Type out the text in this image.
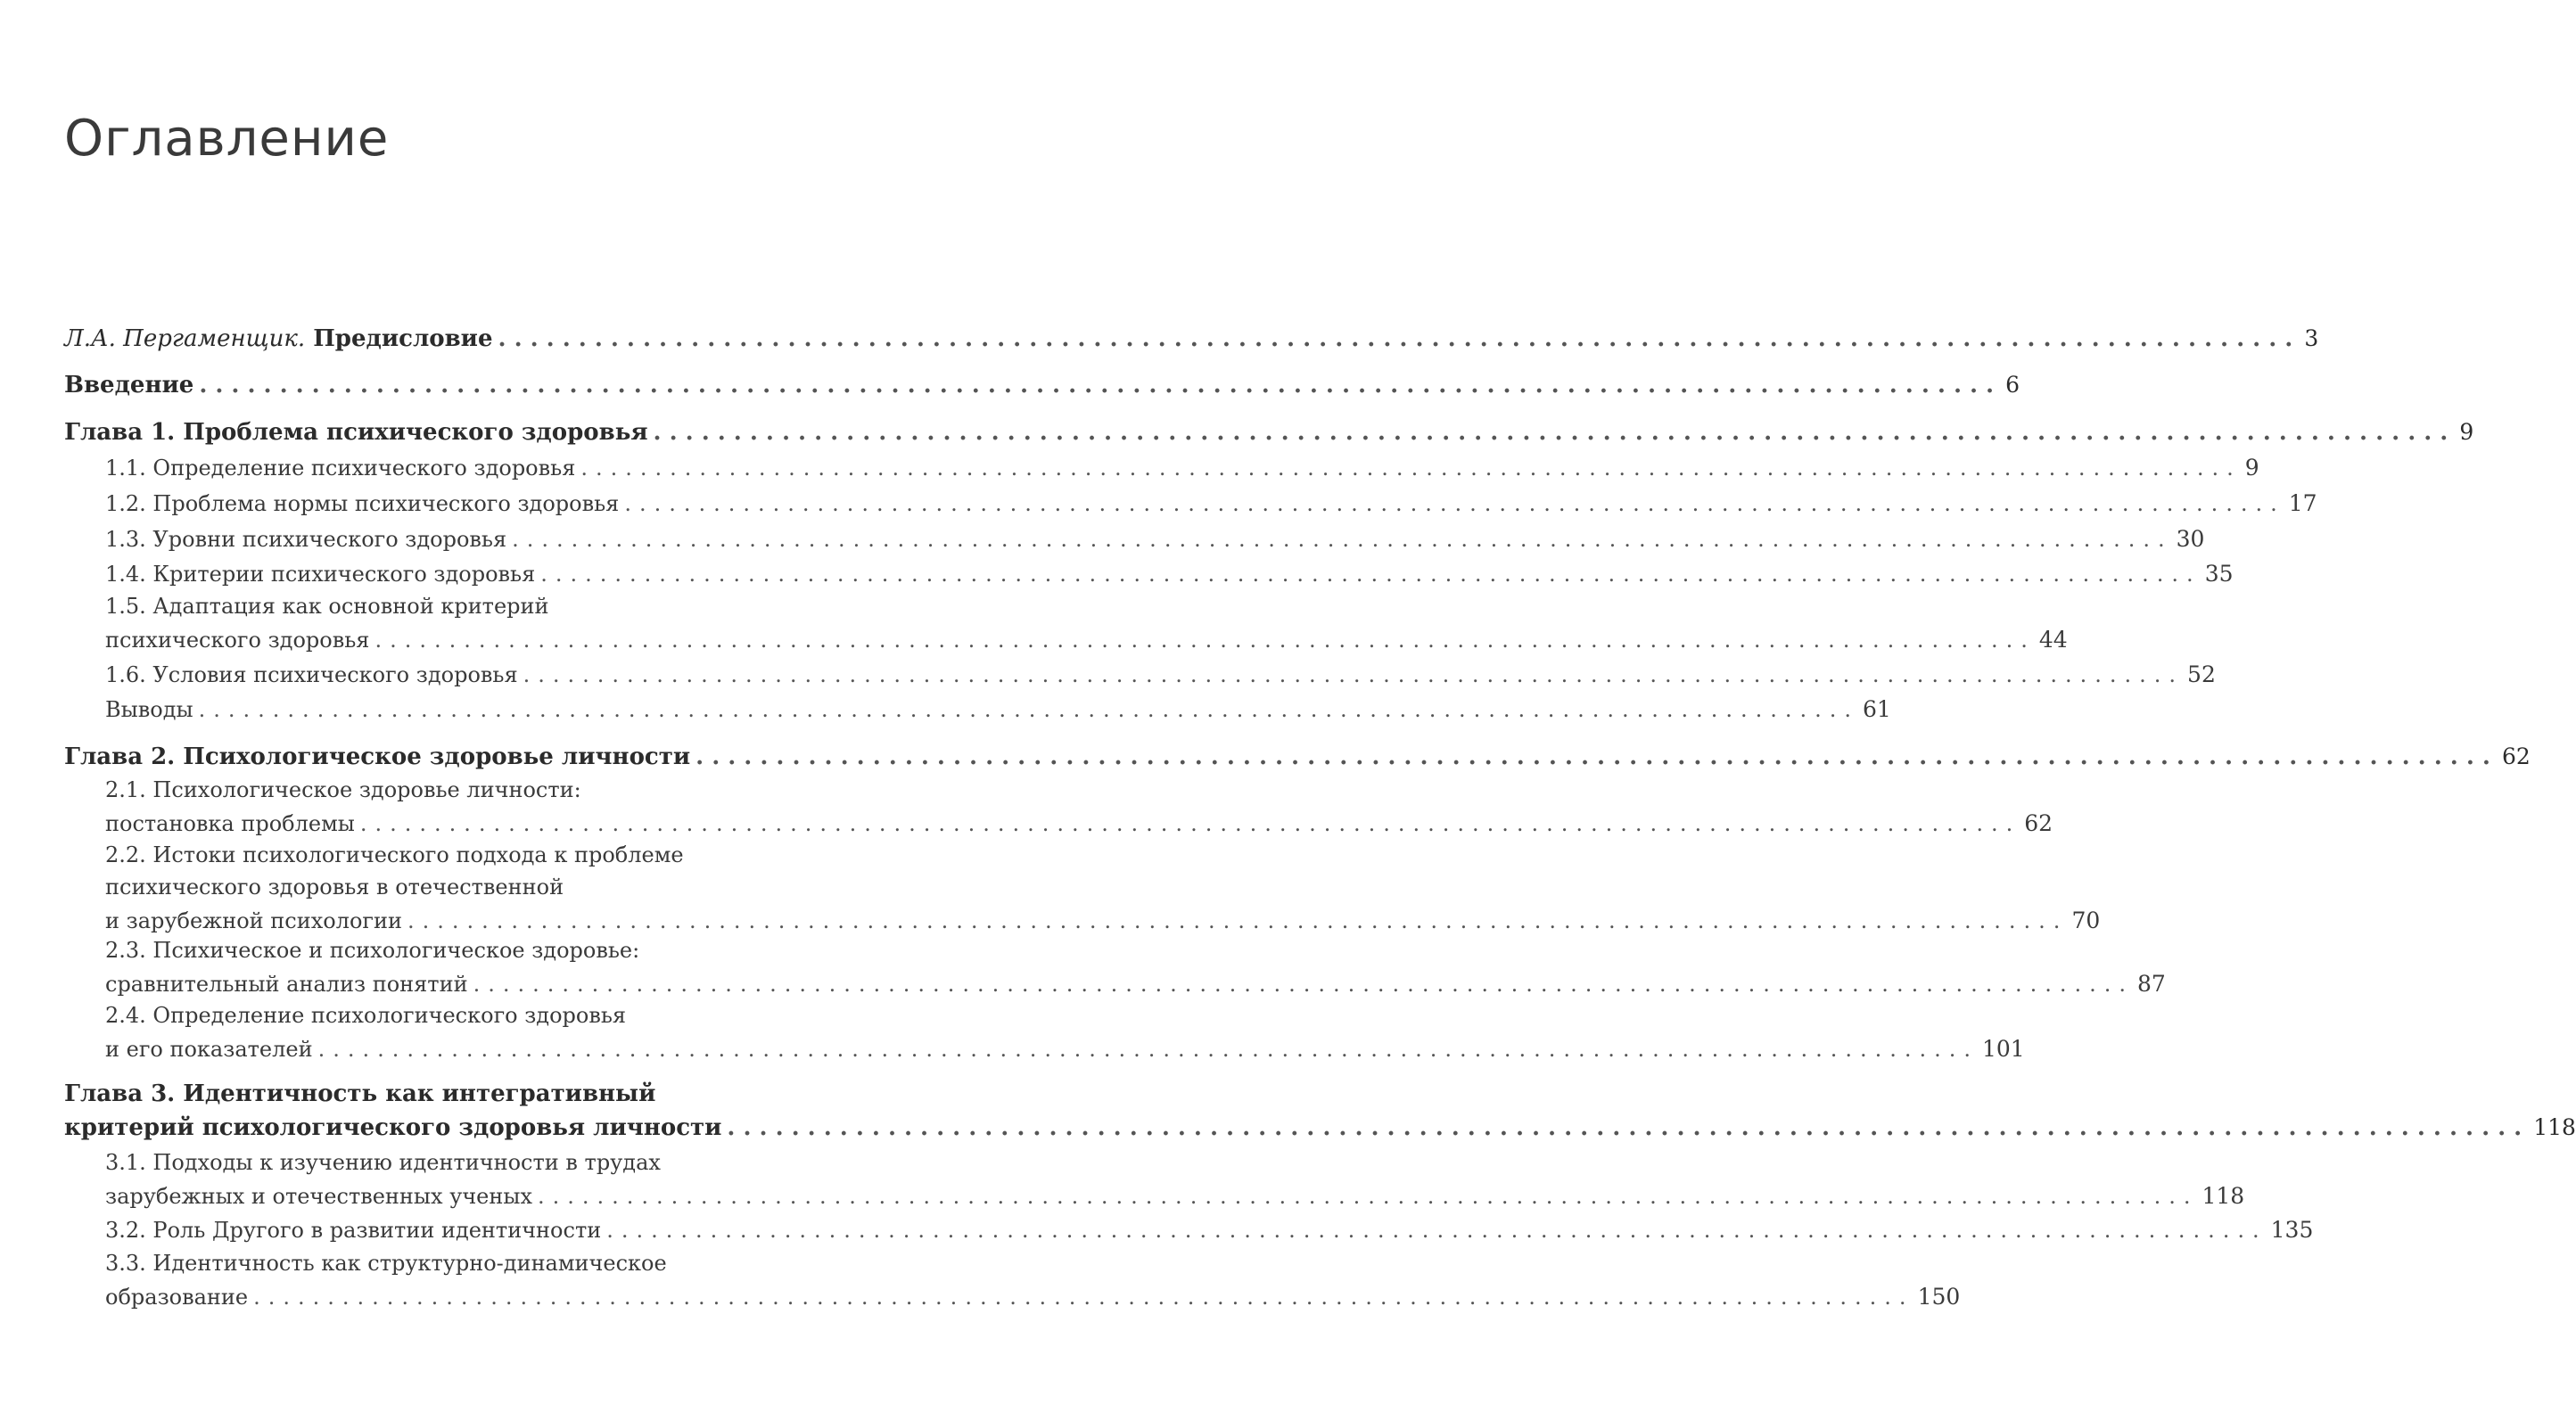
Оглавление
Л.А. Пергаменщик. Предисловие ................................................................................................................ 3
Введение ................................................................................................................ 6
Глава 1. Проблема психического здоровья ................................................................................................................ 9
1.1. Определение психического здоровья ................................................................................................................ 9
1.2. Проблема нормы психического здоровья ................................................................................................................ 17
1.3. Уровни психического здоровья ................................................................................................................ 30
1.4. Критерии психического здоровья ................................................................................................................ 35
1.5. Адаптация как основной критерий
психического здоровья ................................................................................................................ 44
1.6. Условия психического здоровья ................................................................................................................ 52
Выводы ................................................................................................................ 61
Глава 2. Психологическое здоровье личности ................................................................................................................ 62
2.1. Психологическое здоровье личности:
постановка проблемы ................................................................................................................ 62
2.2. Истоки психологического подхода к проблеме
психического здоровья в отечественной
и зарубежной психологии ................................................................................................................ 70
2.3. Психическое и психологическое здоровье:
сравнительный анализ понятий ................................................................................................................ 87
2.4. Определение психологического здоровья
и его показателей ................................................................................................................ 101
Глава 3. Идентичность как интегративный
критерий психологического здоровья личности ................................................................................................................ 118
3.1. Подходы к изучению идентичности в трудах
зарубежных и отечественных ученых ................................................................................................................ 118
3.2. Роль Другого в развитии идентичности ................................................................................................................ 135
3.3. Идентичность как структурно-динамическое
образование ................................................................................................................ 150
